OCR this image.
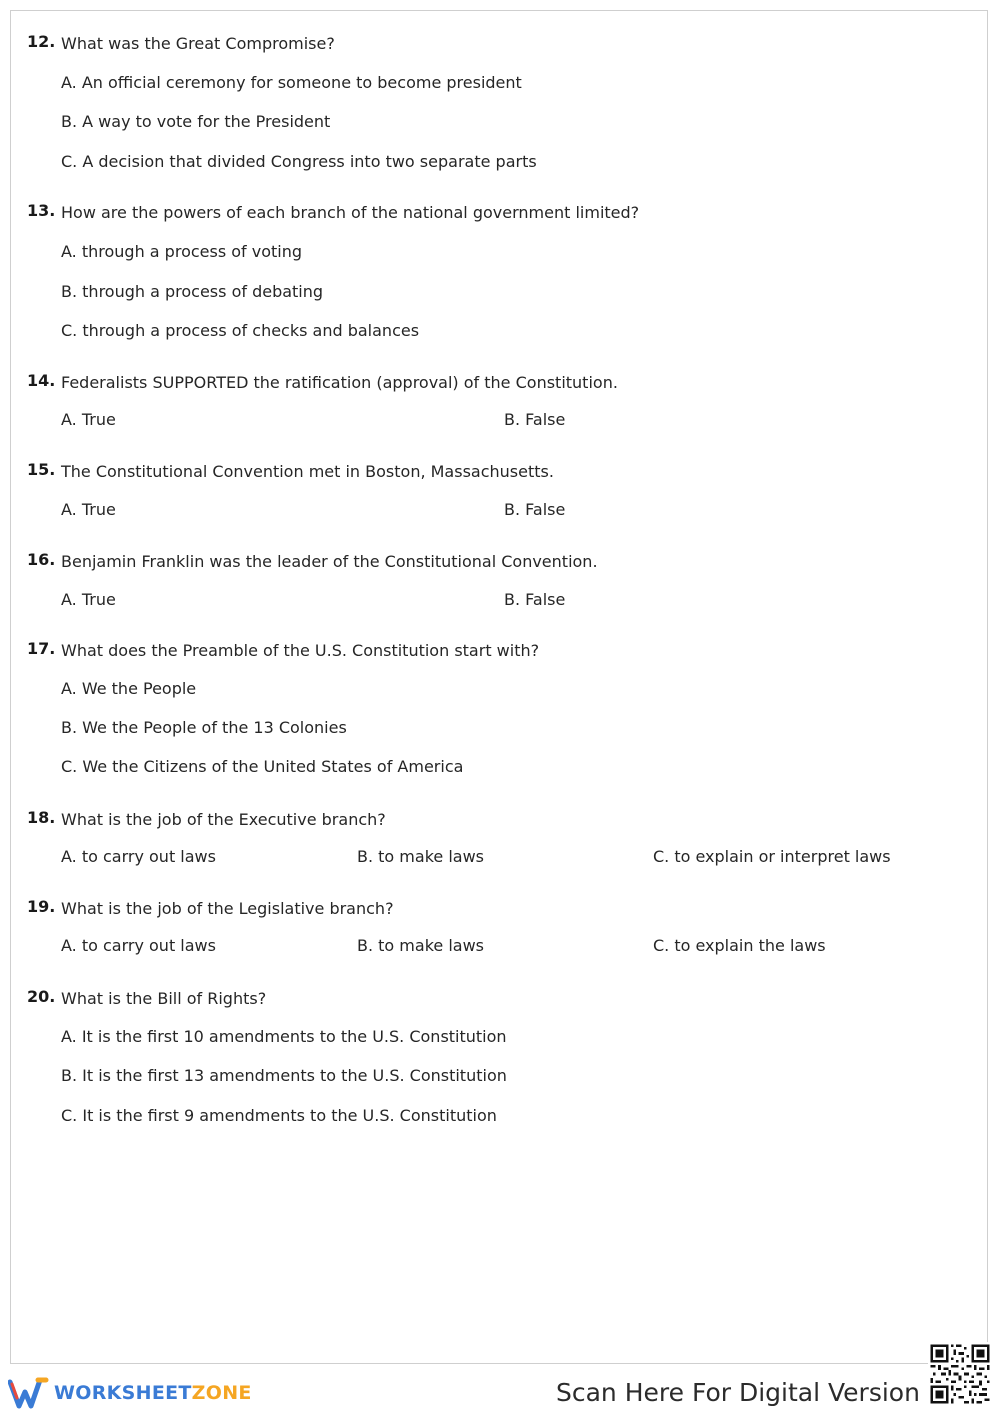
12. What was the Great Compromise?
A. An official ceremony for someone to become president
B. A way to vote for the President
C. A decision that divided Congress into two separate parts
13. How are the powers of each branch of the national government limited?
A. through a process of voting
B. through a process of debating
C. through a process of checks and balances
14. Federalists SUPPORTED the ratification (approval) of the Constitution.
A. True	B. False
15. The Constitutional Convention met in Boston, Massachusetts.
A. True	B. False
16. Benjamin Franklin was the leader of the Constitutional Convention.
A. True	B. False
17. What does the Preamble of the U.S. Constitution start with?
A. We the People
B. We the People of the 13 Colonies
C. We the Citizens of the United States of America
18. What is the job of the Executive branch?
A. to carry out laws	B. to make laws	C. to explain or interpret laws
19. What is the job of the Legislative branch?
A. to carry out laws	B. to make laws	C. to explain the laws
20. What is the Bill of Rights?
A. It is the first 10 amendments to the U.S. Constitution
B. It is the first 13 amendments to the U.S. Constitution
C. It is the first 9 amendments to the U.S. Constitution
WORKSHEETZONE	Scan Here For Digital Version
